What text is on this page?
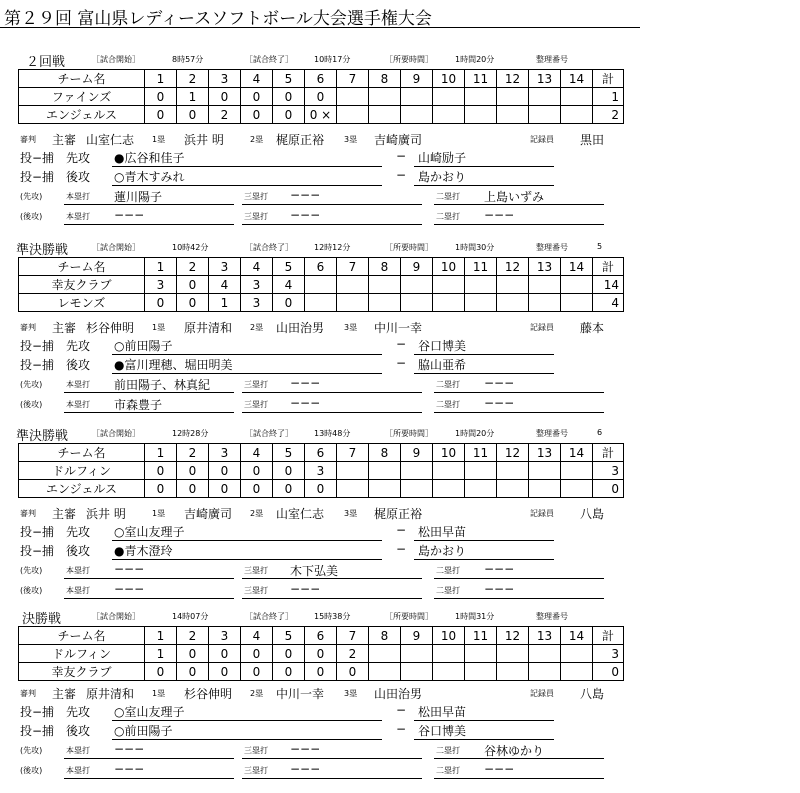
第２９回 富山県レディースソフトボール大会選手権大会
２回戦	［試合開始］	8時57分	［試合終了］	10時17分	［所要時間］	1時間20分	整理番号
チーム名	1	2	3	4	5	6	7	8	9	10	11	12	13	14	計
ファインズ	0	1	0	0	0	0									1
エンジェルス	0	0	2	0	0	0 ×									2
審判 主審 山室仁志 1塁 浜井 明	2塁 梶原正裕 3塁 吉崎廣司	記録員 黒田
投−捕 先攻 ●広谷和佳子	− 山崎励子
投−捕 後攻 ○青木すみれ	− 島かおり
(先攻)	本塁打 蓮川陽子	三塁打 −−−	二塁打 上島いずみ
(後攻)	本塁打 −−−	三塁打 −−−	二塁打 −−−
準決勝戦	［試合開始］	10時42分	［試合終了］	12時12分	［所要時間］	1時間30分	整理番号	5
チーム名	1	2	3	4	5	6	7	8	9	10	11	12	13	14	計
幸友クラブ	3	0	4	3	4										14
レモンズ	0	0	1	3	0										4
審判 主審 杉谷伸明 1塁 原井清和 2塁 山田治男 3塁 中川一幸	記録員 藤本
投−捕 先攻 ○前田陽子	− 谷口博美
投−捕 後攻 ●富川理穂、堀田明美	− 脇山亜希
(先攻)	本塁打 前田陽子、林真紀	三塁打 −−−	二塁打 −−−
(後攻)	本塁打 市森豊子	三塁打 −−−	二塁打 −−−
準決勝戦	［試合開始］	12時28分	［試合終了］	13時48分	［所要時間］	1時間20分	整理番号	6
チーム名	1	2	3	4	5	6	7	8	9	10	11	12	13	14	計
ドルフィン	0	0	0	0	0	3									3
エンジェルス	0	0	0	0	0	0									0
審判 主審 浜井 明	1塁 吉崎廣司 2塁 山室仁志 3塁 梶原正裕	記録員 八島
投−捕 先攻 ○室山友理子	− 松田早苗
投−捕 後攻 ●青木澄玲	− 島かおり
(先攻)	本塁打 −−−	三塁打 木下弘美	二塁打 −−−
(後攻)	本塁打 −−−	三塁打 −−−	二塁打 −−−
決勝戦	［試合開始］	14時07分	［試合終了］	15時38分	［所要時間］	1時間31分	整理番号
チーム名	1	2	3	4	5	6	7	8	9	10	11	12	13	14	計
ドルフィン	1	0	0	0	0	0	2								3
幸友クラブ	0	0	0	0	0	0	0								0
審判 主審 原井清和 1塁 杉谷伸明 2塁 中川一幸 3塁 山田治男	記録員 八島
投−捕 先攻 ○室山友理子	− 松田早苗
投−捕 後攻 ○前田陽子	− 谷口博美
(先攻)	本塁打 −−−	三塁打 −−−	二塁打 谷林ゆかり
(後攻)	本塁打 −−−	三塁打 −−−	二塁打 −−−
